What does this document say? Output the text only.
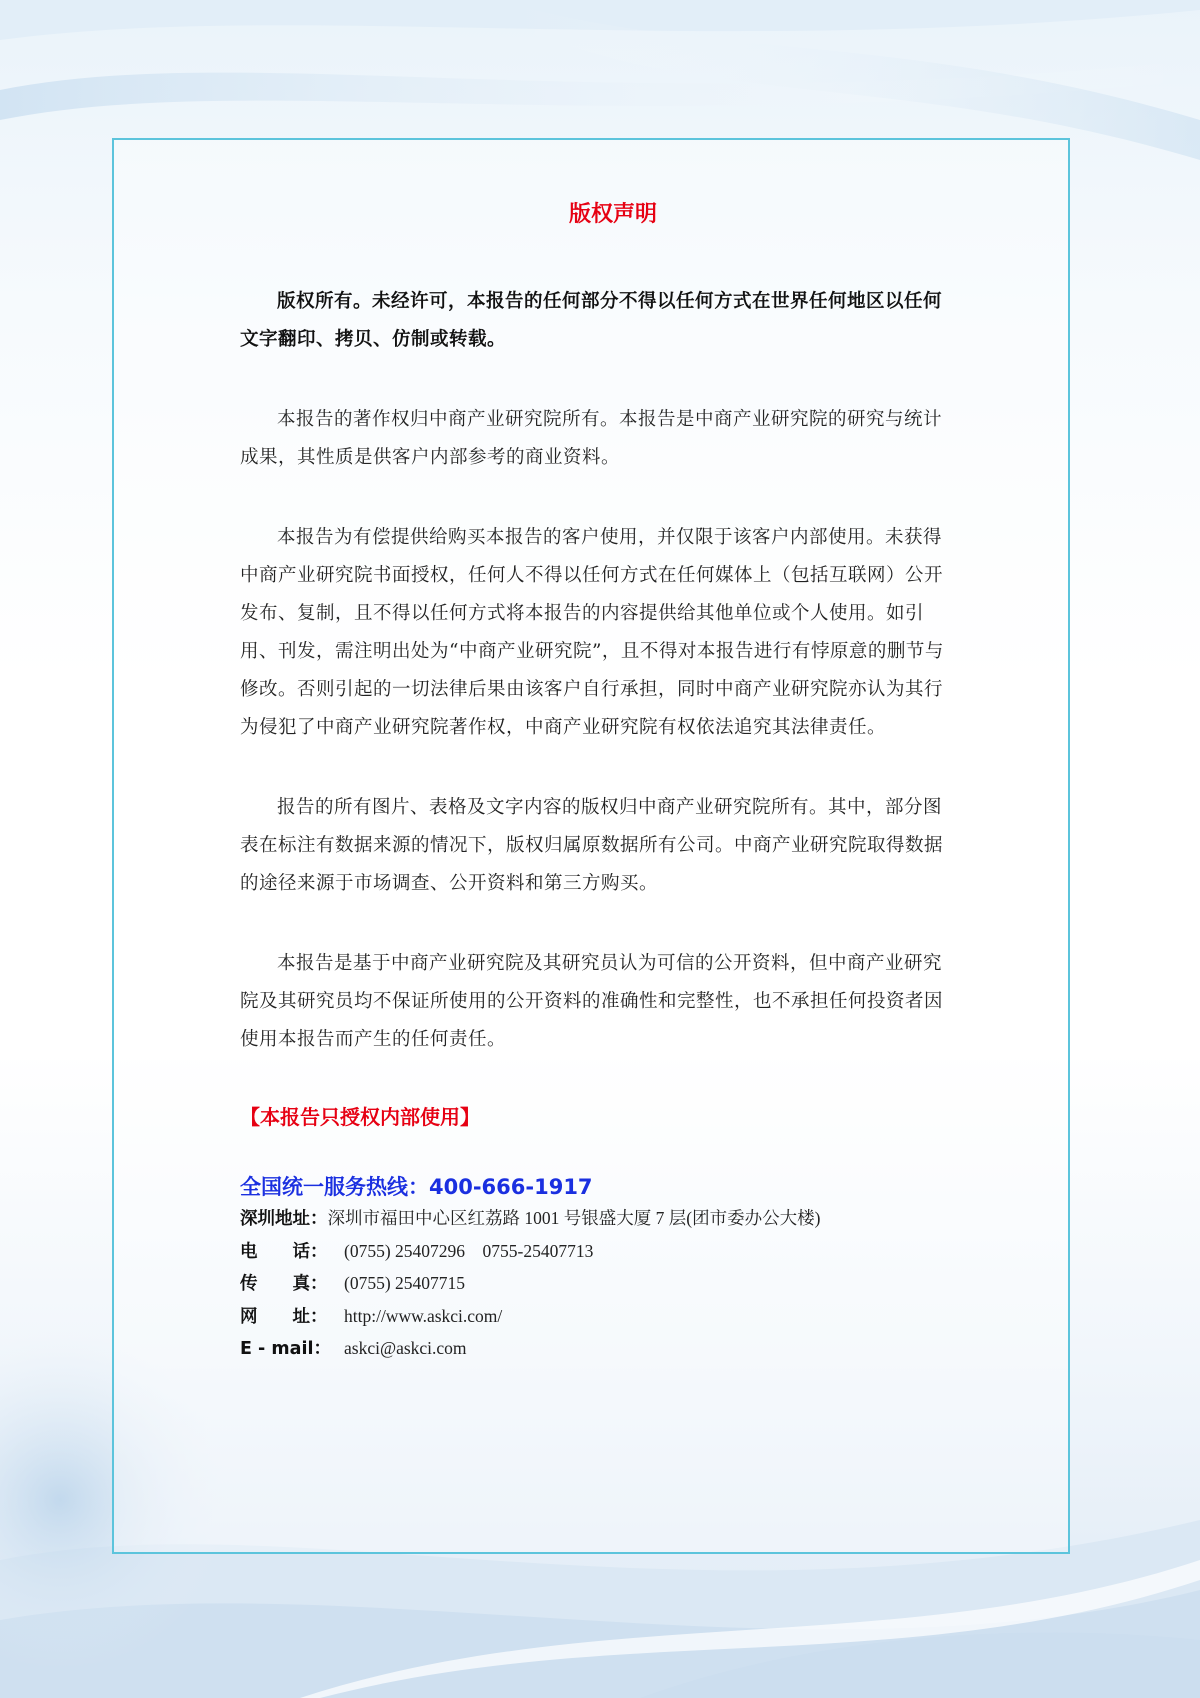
版权声明

版权所有。未经许可，本报告的任何部分不得以任何方式在世界任何地区以任何文字翻印、拷贝、仿制或转载。

本报告的著作权归中商产业研究院所有。本报告是中商产业研究院的研究与统计成果，其性质是供客户内部参考的商业资料。

本报告为有偿提供给购买本报告的客户使用，并仅限于该客户内部使用。未获得中商产业研究院书面授权，任何人不得以任何方式在任何媒体上（包括互联网）公开发布、复制，且不得以任何方式将本报告的内容提供给其他单位或个人使用。如引用、刊发，需注明出处为“中商产业研究院”，且不得对本报告进行有悖原意的删节与修改。否则引起的一切法律后果由该客户自行承担，同时中商产业研究院亦认为其行为侵犯了中商产业研究院著作权，中商产业研究院有权依法追究其法律责任。

报告的所有图片、表格及文字内容的版权归中商产业研究院所有。其中，部分图表在标注有数据来源的情况下，版权归属原数据所有公司。中商产业研究院取得数据的途径来源于市场调查、公开资料和第三方购买。

本报告是基于中商产业研究院及其研究员认为可信的公开资料，但中商产业研究院及其研究员均不保证所使用的公开资料的准确性和完整性，也不承担任何投资者因使用本报告而产生的任何责任。

【本报告只授权内部使用】
全国统一服务热线：400-666-1917
深圳地址：深圳市福田中心区红荔路 1001 号银盛大厦 7 层(团市委办公大楼)
电　　话： (0755) 25407296　0755-25407713
传　　真： (0755) 25407715
网　　址： http://www.askci.com/
E - mail： askci@askci.com
